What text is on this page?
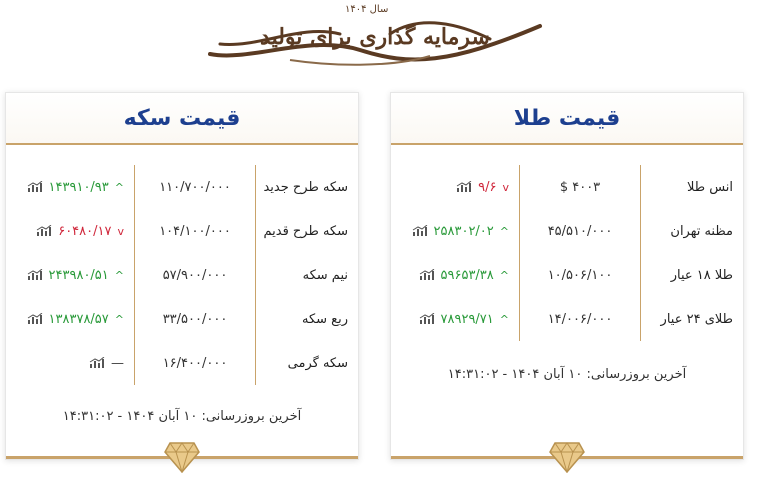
سرمایه گذاری برای تولید
سال ۱۴۰۴
قیمت سکه
سکه طرح جدید
۱۱۰/۷۰۰/۰۰۰
^
۱۴۳۹۱۰/۹۳
سکه طرح قدیم
۱۰۴/۱۰۰/۰۰۰
v
۶۰۴۸۰/۱۷
نیم سکه
۵۷/۹۰۰/۰۰۰
^
۲۴۳۹۸۰/۵۱
ربع سکه
۳۳/۵۰۰/۰۰۰
^
۱۳۸۳۷۸/۵۷
سکه گرمی
۱۶/۴۰۰/۰۰۰
—
آخرین بروزرسانی: ۱۰ آبان ۱۴۰۴ - ۱۴:۳۱:۰۲
قیمت طلا
انس طلا
۴۰۰۳ $
v
۹/۶
مظنه تهران
۴۵/۵۱۰/۰۰۰
^
۲۵۸۳۰۲/۰۲
طلا ۱۸ عیار
۱۰/۵۰۶/۱۰۰
^
۵۹۶۵۳/۳۸
طلای ۲۴ عیار
۱۴/۰۰۶/۰۰۰
^
۷۸۹۲۹/۷۱
آخرین بروزرسانی: ۱۰ آبان ۱۴۰۴ - ۱۴:۳۱:۰۲
